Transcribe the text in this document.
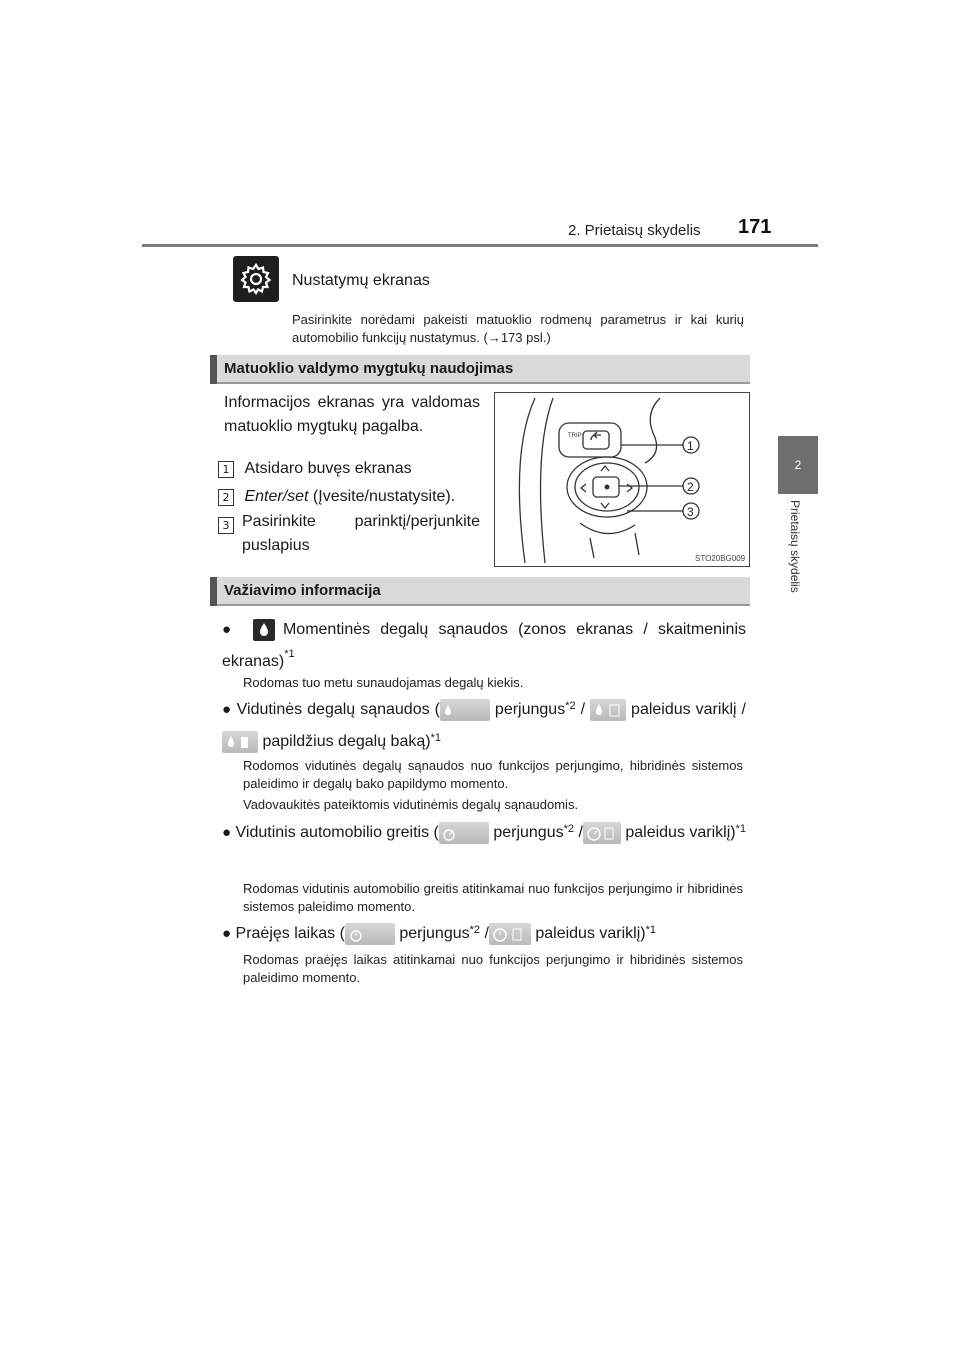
2. Prietaisų skydelis 171
2
Prietaisų skydelis
Nustatymų ekranas
Pasirinkite norėdami pakeisti matuoklio rodmenų parametrus ir kai kurių automobilio funkcijų nustatymus. (→173 psl.)
Matuoklio valdymo mygtukų naudojimas
Informacijos ekranas yra valdomas matuoklio mygtukų pagalba.
1 Atsidaro buvęs ekranas
2 Enter/set (Įvesite/nustatysite).
3 Pasirinkite parinktį/perjunkite puslapius
TRIP
1
2
3
STO20BG009
Važiavimo informacija
●	Momentinės degalų sąnaudos (zonos ekranas / skaitmeninis ekranas)$^{*1}$
Rodomas tuo metu sunaudojamas degalų kiekis.
● Vidutinės degalų sąnaudos (	perjungus$^{*2}$ /	paleidus variklį /  papildžius degalų baką)$^{*1}$
Rodomos vidutinės degalų sąnaudos nuo funkcijos perjungimo, hibridinės sistemos paleidimo ir degalų bako papildymo momento.
Vadovaukitės pateiktomis vidutinėmis degalų sąnaudomis.
● Vidutinis automobilio greitis (	perjungus$^{*2}$ / paleidus variklį)$^{*1}$
Rodomas vidutinis automobilio greitis atitinkamai nuo funkcijos perjungimo ir hibridinės sistemos paleidimo momento.
● Praėjęs laikas (	perjungus$^{*2}$ /	paleidus variklį)$^{*1}$
Rodomas praėjęs laikas atitinkamai nuo funkcijos perjungimo ir hibridinės sistemos paleidimo momento.
